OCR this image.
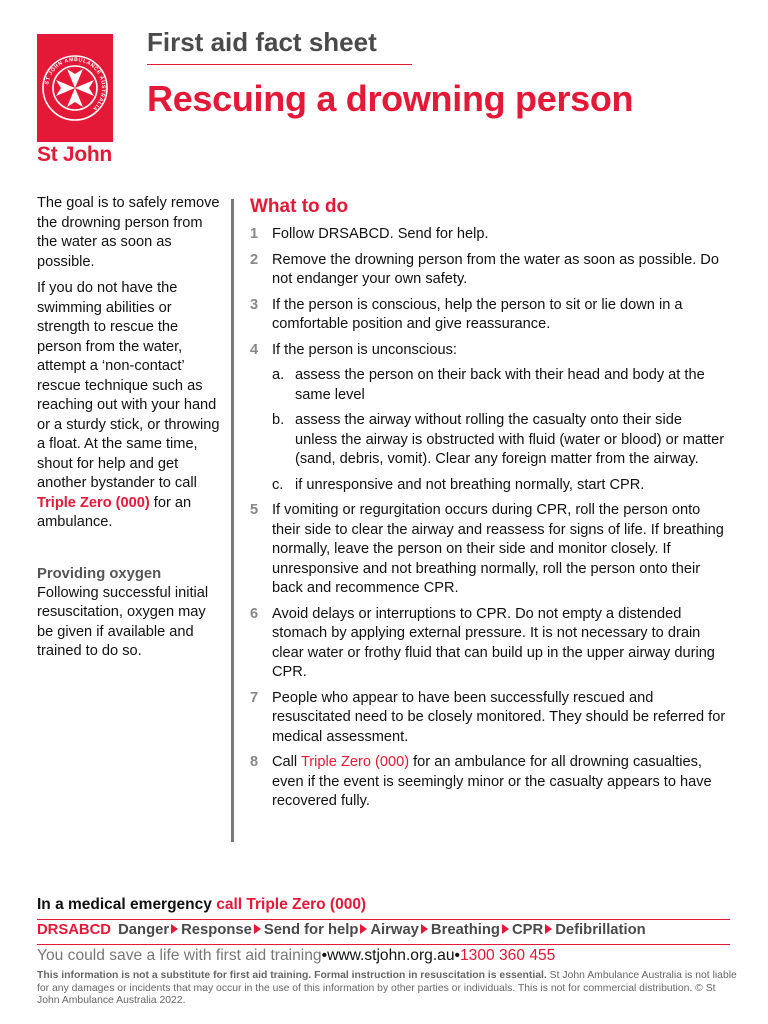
ST JOHN AMBULANCE AUSTRALIA
St John
First aid fact sheet
Rescuing a drowning person

The goal is to safely remove the drowning person from the water as soon as possible.

If you do not have the swimming abilities or strength to rescue the person from the water, attempt a ‘non-contact’ rescue technique such as reaching out with your hand or a sturdy stick, or throwing a float. At the same time, shout for help and get another bystander to call Triple Zero (000) for an ambulance.

Providing oxygen

Following successful initial resuscitation, oxygen may be given if available and trained to do so.

What to do
1 Follow DRSABCD. Send for help.
2 Remove the drowning person from the water as soon as possible. Do not endanger your own safety.
3 If the person is conscious, help the person to sit or lie down in a comfortable position and give reassurance.
4 If the person is unconscious:
a. assess the person on their back with their head and body at the same level
b. assess the airway without rolling the casualty onto their side unless the airway is obstructed with fluid (water or blood) or matter (sand, debris, vomit). Clear any foreign matter from the airway.
c. if unresponsive and not breathing normally, start CPR.
5 If vomiting or regurgitation occurs during CPR, roll the person onto their side to clear the airway and reassess for signs of life. If breathing normally, leave the person on their side and monitor closely. If unresponsive and not breathing normally, roll the person onto their back and recommence CPR.
6 Avoid delays or interruptions to CPR. Do not empty a distended stomach by applying external pressure. It is not necessary to drain clear water or frothy fluid that can build up in the upper airway during CPR.
7 People who appear to have been successfully rescued and resuscitated need to be closely monitored. They should be referred for medical assessment.
8 Call Triple Zero (000) for an ambulance for all drowning casualties, even if the event is seemingly minor or the casualty appears to have recovered fully.
In a medical emergency call Triple Zero (000)
DRSABCD Danger Response Send for help Airway Breathing CPR Defibrillation
You could save a life with first aid training•www.stjohn.org.au•1300 360 455
This information is not a substitute for first aid training. Formal instruction in resuscitation is essential. St John Ambulance Australia is not liable for any damages or incidents that may occur in the use of this information by other parties or individuals. This is not for commercial distribution. © St John Ambulance Australia 2022.
